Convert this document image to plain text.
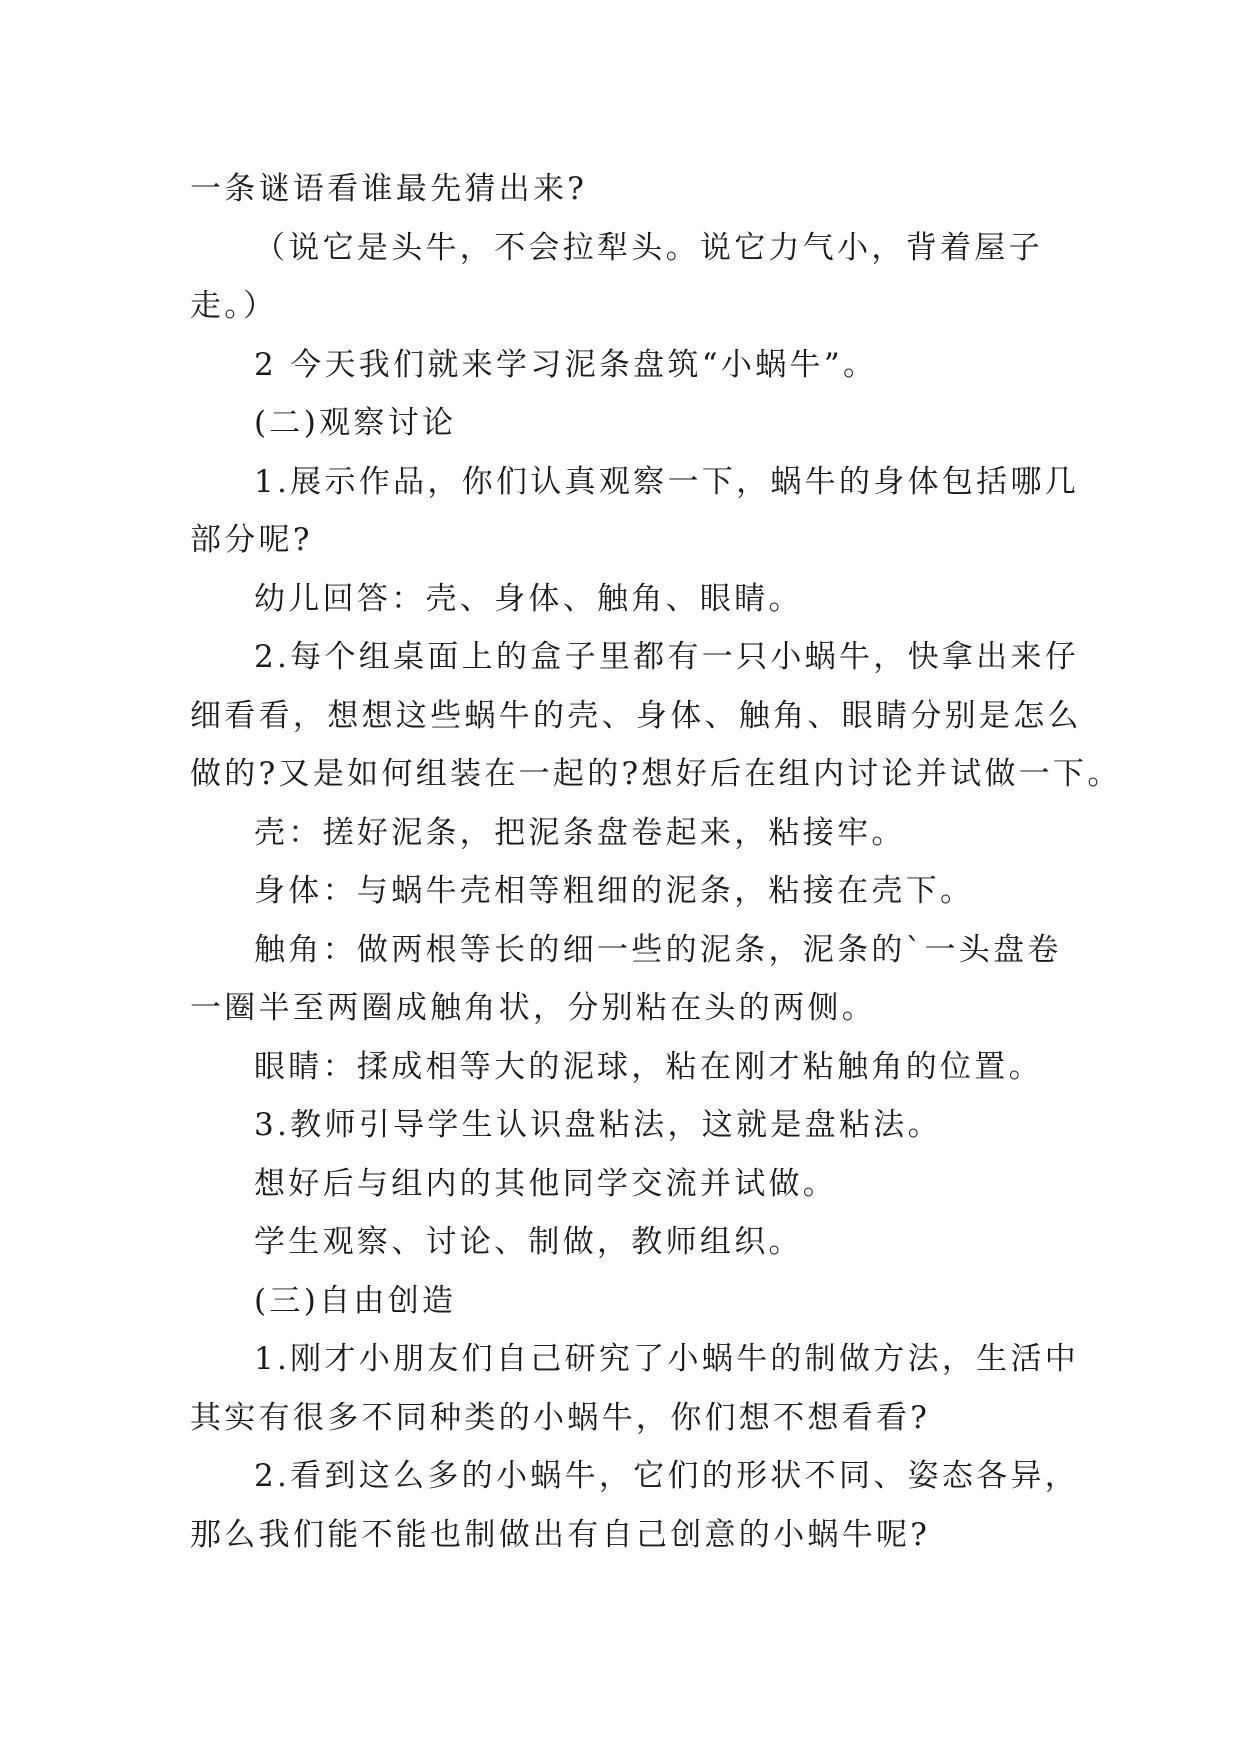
一条谜语看谁最先猜出来?
（说它是头牛，不会拉犁头。说它力气小，背着屋子
走。）
2 今天我们就来学习泥条盘筑“小蜗牛”。
(二)观察讨论
1.展示作品，你们认真观察一下，蜗牛的身体包括哪几
部分呢?
幼儿回答：壳、身体、触角、眼睛。
2.每个组桌面上的盒子里都有一只小蜗牛，快拿出来仔
细看看，想想这些蜗牛的壳、身体、触角、眼睛分别是怎么
做的?又是如何组装在一起的?想好后在组内讨论并试做一下。
壳：搓好泥条，把泥条盘卷起来，粘接牢。
身体：与蜗牛壳相等粗细的泥条，粘接在壳下。
触角：做两根等长的细一些的泥条，泥条的`一头盘卷
一圈半至两圈成触角状，分别粘在头的两侧。
眼睛：揉成相等大的泥球，粘在刚才粘触角的位置。
3.教师引导学生认识盘粘法，这就是盘粘法。
想好后与组内的其他同学交流并试做。
学生观察、讨论、制做，教师组织。
(三)自由创造
1.刚才小朋友们自己研究了小蜗牛的制做方法，生活中
其实有很多不同种类的小蜗牛，你们想不想看看?
2.看到这么多的小蜗牛，它们的形状不同、姿态各异，
那么我们能不能也制做出有自己创意的小蜗牛呢?
